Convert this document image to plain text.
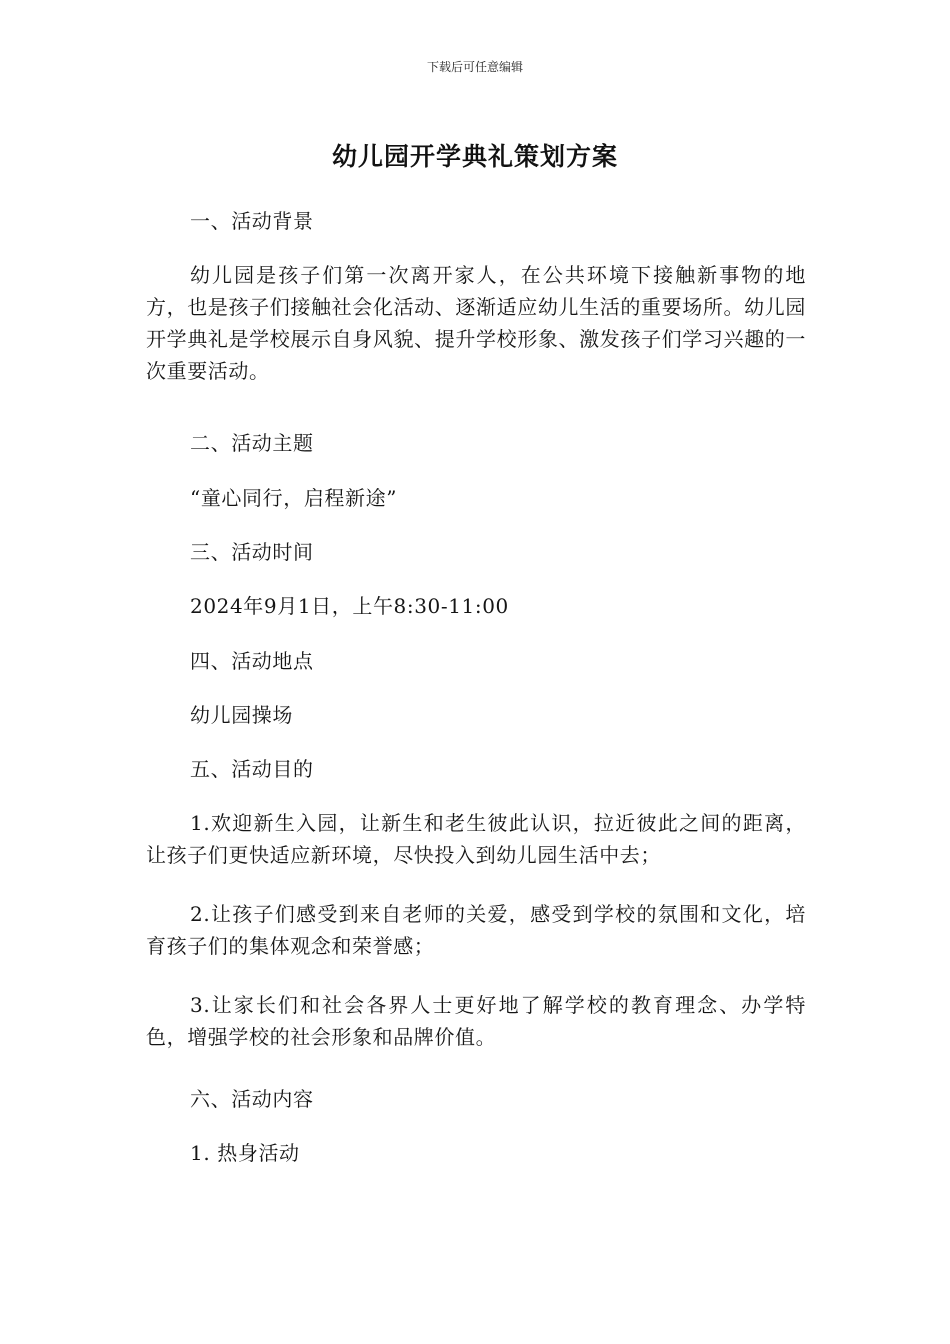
下载后可任意编辑
幼儿园开学典礼策划方案
一、活动背景
幼儿园是孩子们第一次离开家人，在公共环境下接触新事物的地方，也是孩子们接触社会化活动、逐渐适应幼儿生活的重要场所。幼儿园开学典礼是学校展示自身风貌、提升学校形象、激发孩子们学习兴趣的一次重要活动。
二、活动主题
“童心同行，启程新途”
三、活动时间
2024年9月1日，上午8:30-11:00
四、活动地点
幼儿园操场
五、活动目的
1.欢迎新生入园，让新生和老生彼此认识，拉近彼此之间的距离，让孩子们更快适应新环境，尽快投入到幼儿园生活中去；
2.让孩子们感受到来自老师的关爱，感受到学校的氛围和文化，培育孩子们的集体观念和荣誉感；
3.让家长们和社会各界人士更好地了解学校的教育理念、办学特色，增强学校的社会形象和品牌价值。
六、活动内容
1. 热身活动
